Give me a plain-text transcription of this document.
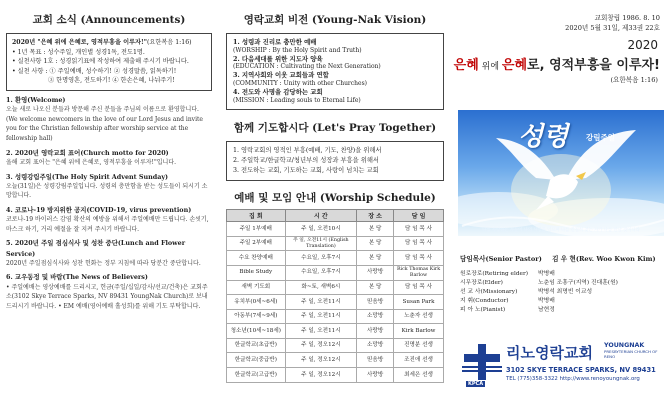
교회 소식 (Announcements)
2020년 "은혜 위에 은혜로, 영적부흥을 이루자!"(요한복음 1:16)
• 1년 목표 : 성수주일, 개인별 성경1독, 전도1명.
• 실천사항 1호 : 성경읽기표에 작성하여 제출해 주시기 바랍니다.
• 실천 사항 : ① 주일예배, 성수하기! ② 성경말씀, 읽독하기!
③ 한명영혼, 전도하기! ④ 한손은혜, 나눠주기!
1. 환영(Welcome)

오늘 새로 나오신 분들과 방문해 주신 분들을 주님의 이름으로 환영합니다. (We welcome newcomers in the love of our Lord Jesus and invite you for the Christian fellowship after worship service at the fellowship hall)

2. 2020년 영락교회 표어(Church motto for 2020)

올해 교회 표어는 "은혜 위에 은혜로, 영적부흥을 이루자!"입니다.

3. 성령강림주일(The Holy Spirit Advent Sunday)

오늘(31일)은 성령강림주일입니다. 성령의 충만함을 받는 성도들이 되시기 소망합니다.

4. 코로나-19 방지위한 공지(COVID-19, virus prevention)

코로나-19 바이러스 감염 확산의 예방을 위해서 주일예배만 드립니다. 손씻기, 마스크 하기, 거리 예절을 잘 지켜 주시기 바랍니다.

5. 2020년 주일 점심식사 및 성찬 중단(Lunch and Flower Service)

2020년 주일점심식사와 성찬 헌화는 정부 지침에 따라 당분간 중단합니다.

6. 교우동정 및 바람(The News of Believers)

• 주일예배는 영상예배를 드리시고, 헌금(주일/십일/감사/선교/건축)은 교회주소(3102 Skye Terrace Sparks, NV 89431 YoungNak Church)로 보내 드리시기 바랍니다. • EM 예배(영어예배 홀성희)를 위해 기도 부탁합니다.

영락교회 비전 (Young-Nak Vision)
1. 성령과 진리로 충만한 예배
(WORSHIP : By the Holy Spirit and Truth)
2. 다음세대를 위한 지도자 양육
(EDUCATION : Cultivating the Next Generation)
3. 지역사회와 이웃 교회들과 연합
(COMMUNITY : Unity with other Churches)
4. 전도와 사명을 감당하는 교회
(MISSION : Leading souls to Eternal Life)
함께 기도합시다 (Let's Pray Together)
1. 영락교회의 영적인 부흥(예배, 기도, 찬양)을 위해서
2. 주일학교/한글학교/청년부의 성장과 부흥을 위해서
3. 전도하는 교회, 기도하는 교회, 사랑이 넘치는 교회
예배 및 모임 안내 (Worship Schedule)
집 회	시 간	장 소	담 임
주일 1부예배	주 일, 오전10시	본 당	담 임 목 사
주일 2부예배	주 일, 오전11시 (English Translation)	본 당	담 임 목 사
수요 찬양예배	수요일, 오후7시	본 당	담 임 목 사
Bible Study	수요일, 오후7시	사랑방	Rick Thomas Kirk Barlow
새벽 기도회	화~토, 새벽6시	본 당	담 임 목 사
유치부(0세~6세)	주 일, 오전11시	믿음방	Susan Park
아동부(7세~9세)	주 일, 오전11시	소망방	노춘자 선생
청소년(10세~18세)	주 일, 오전11시	사랑방	Kirk Barlow
한글학교(초급반)	주 일, 정오12시	소망방	진명분 선생
한글학교(중급반)	주 일, 정오12시	믿음방	조진애 선생
한글학교(고급반)	주 일, 정오12시	사랑방	최세은 선생
교회창립 1986. 8. 10
2020년 5월 31일, 제33권 22호
2020
은혜 위에 은혜로, 영적부흥을 이루자!
(요한복음 1:16)
성령 강림주일
나를 사랑하는 자들이 나의 사랑을 입으며 나를 간절히 찾는 자가 나를 만날 것이니라
담임목사(Senior Pastor) 김 우 현(Rev. Woo Kwon Kim)
원로장로(Retiring elder)	박병배
시무장로(Elder)	노춘임 조흥구(지역) 진대훈(원)
선 교 사(Missionary)	박병석 최명빈 이교성
지 휘(Conductor)	박병배
피 아 노(Pianist)	남현정
KPCA
리노영락교회 YOUNGNAK
PRESBYTERIAN CHURCH OF RENO
3102 SKYE TERRACE SPARKS, NV 89431
TEL (775)358-3322 http://www.renoyoungnak.org
